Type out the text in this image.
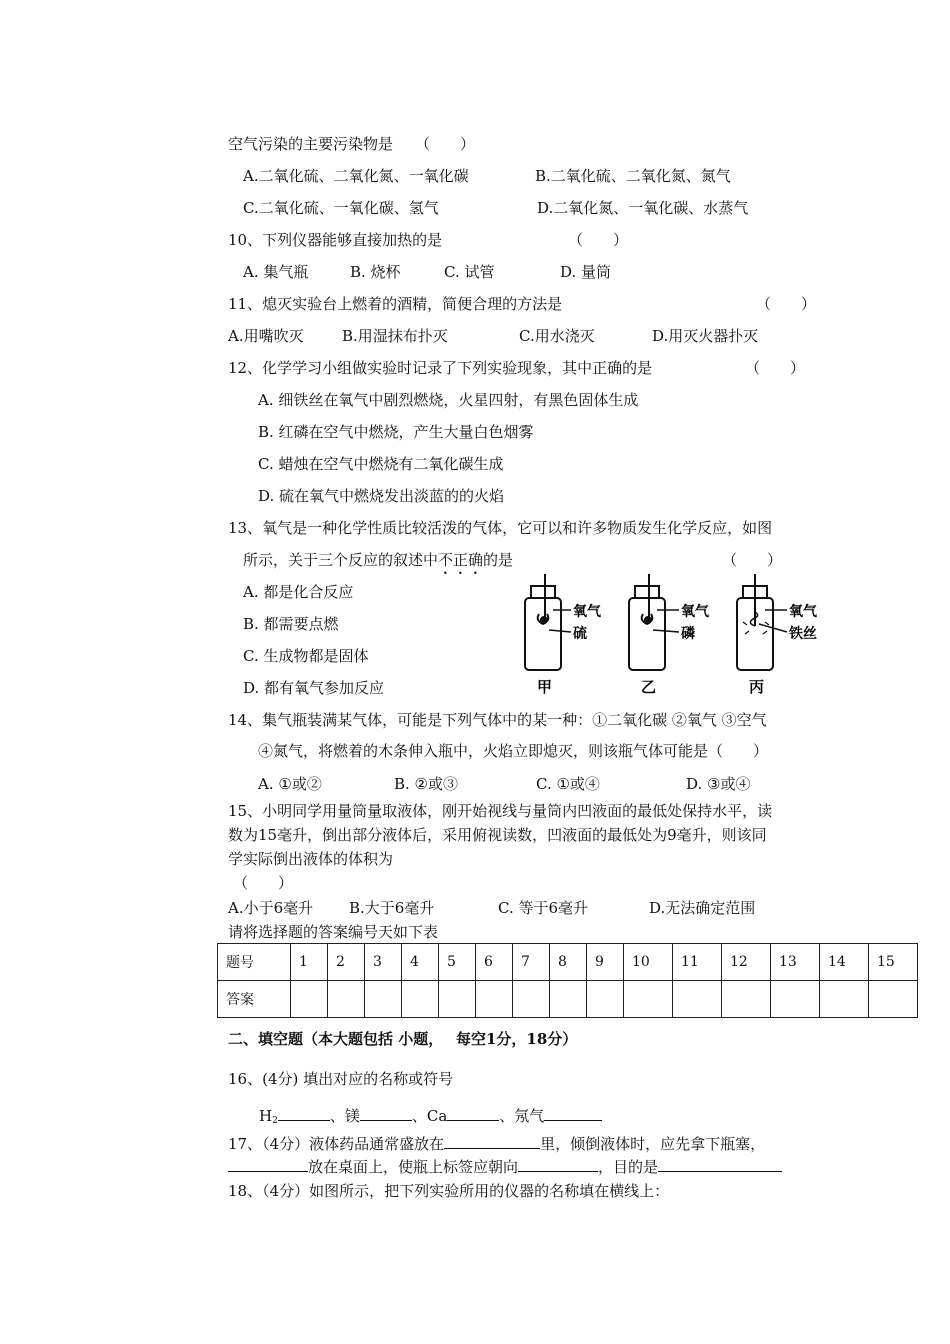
空气污染的主要污染物是 （　　）
A.二氧化硫、二氧化氮、一氧化碳	B.二氧化硫、二氧化氮、氮气
C.二氧化硫、一氧化碳、氢气	D.二氧化氮、一氧化碳、水蒸气
10、下列仪器能够直接加热的是	（　　）
A. 集气瓶	B. 烧杯	C. 试管	D. 量筒
11、熄灭实验台上燃着的酒精，简便合理的方法是	（　　）
A.用嘴吹灭	B.用湿抹布扑灭	C.用水浇灭	D.用灭火器扑灭
12、化学学习小组做实验时记录了下列实验现象，其中正确的是	（　　）
A. 细铁丝在氧气中剧烈燃烧，火星四射，有黑色固体生成
B. 红磷在空气中燃烧，产生大量白色烟雾
C. 蜡烛在空气中燃烧有二氧化碳生成
D. 硫在氧气中燃烧发出淡蓝的的火焰
13、氧气是一种化学性质比较活泼的气体，它可以和许多物质发生化学反应，如图
所示，关于三个反应的叙述中不正确的是	（　　）
A. 都是化合反应
B. 都需要点燃
C. 生成物都是固体
D. 都有氧气参加反应
氧气
硫
甲
氧气
磷
乙
氧气
铁丝
丙
14、集气瓶装满某气体，可能是下列气体中的某一种：①二氧化碳 ②氧气 ③空气
④氮气，将燃着的木条伸入瓶中，火焰立即熄灭，则该瓶气体可能是（　　）
A. ①或②	B. ②或③	C. ①或④	D. ③或④
15、小明同学用量筒量取液体，刚开始视线与量筒内凹液面的最低处保持水平，读
数为15毫升，倒出部分液体后，采用俯视读数，凹液面的最低处为9毫升，则该同
学实际倒出液体的体积为
（　　）
A.小于6毫升 B.大于6毫升	C. 等于6毫升	D.无法确定范围
请将选择题的答案编号天如下表
题号	1	2	3	4	5	6	7	8	9	10	11	12	13	14	15
答案															
二、填空题（本大题包括 小题，　 每空1分，18分）
16、(4分) 填出对应的名称或符号
$H_2$	、镁	、Ca	、氖气
17、（4分）液体药品通常盛放在	里，倾倒液体时，应先拿下瓶塞，
放在桌面上，使瓶上标签应朝向	，目的是
18、（4分）如图所示，把下列实验所用的仪器的名称填在横线上：
